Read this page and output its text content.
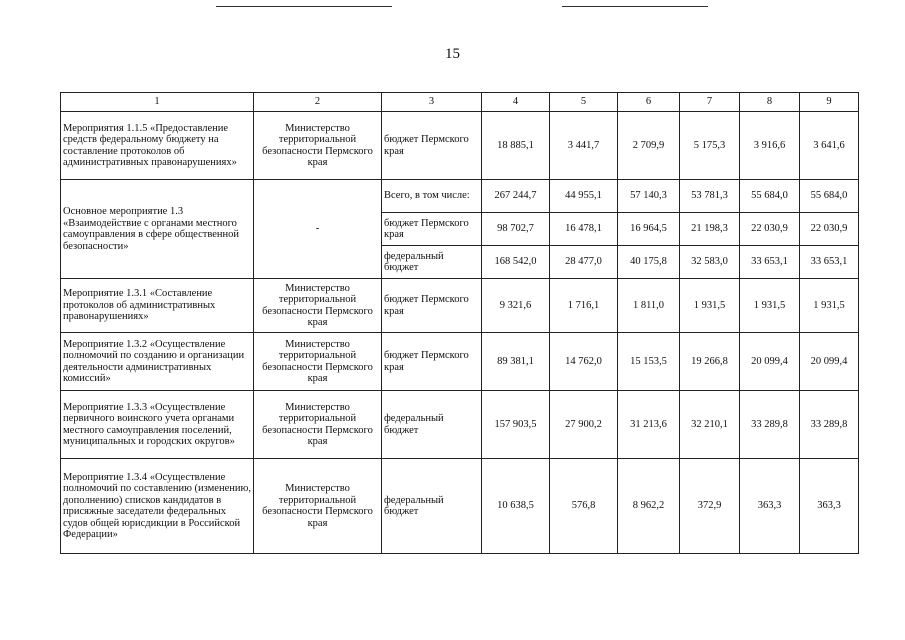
15
1	2	3	4	5	6	7	8	9
Мероприятия 1.1.5 «Предоставление средств федеральному бюджету на составление протоколов об административных правонарушениях»	Министерство территориальной безопасности Пермского края	бюджет Пермского края	18 885,1	3 441,7	2 709,9	5 175,3	3 916,6	3 641,6
Основное мероприятие 1.3 «Взаимодействие с органами местного самоуправления в сфере общественной безопасности»	-	Всего, в том числе:	267 244,7	44 955,1	57 140,3	53 781,3	55 684,0	55 684,0
		бюджет Пермского края	98 702,7	16 478,1	16 964,5	21 198,3	22 030,9	22 030,9
		федеральный бюджет	168 542,0	28 477,0	40 175,8	32 583,0	33 653,1	33 653,1
Мероприятие 1.3.1 «Составление протоколов об административных правонарушениях»	Министерство территориальной безопасности Пермского края	бюджет Пермского края	9 321,6	1 716,1	1 811,0	1 931,5	1 931,5	1 931,5
Мероприятие 1.3.2 «Осуществление полномочий по созданию и организации деятельности административных комиссий»	Министерство территориальной безопасности Пермского края	бюджет Пермского края	89 381,1	14 762,0	15 153,5	19 266,8	20 099,4	20 099,4
Мероприятие 1.3.3 «Осуществление первичного воинского учета органами местного самоуправления поселений, муниципальных и городских округов»	Министерство территориальной безопасности Пермского края	федеральный бюджет	157 903,5	27 900,2	31 213,6	32 210,1	33 289,8	33 289,8
Мероприятие 1.3.4 «Осуществление полномочий по составлению (изменению, дополнению) списков кандидатов в присяжные заседатели федеральных судов общей юрисдикции в Российской Федерации»	Министерство территориальной безопасности Пермского края	федеральный бюджет	10 638,5	576,8	8 962,2	372,9	363,3	363,3
